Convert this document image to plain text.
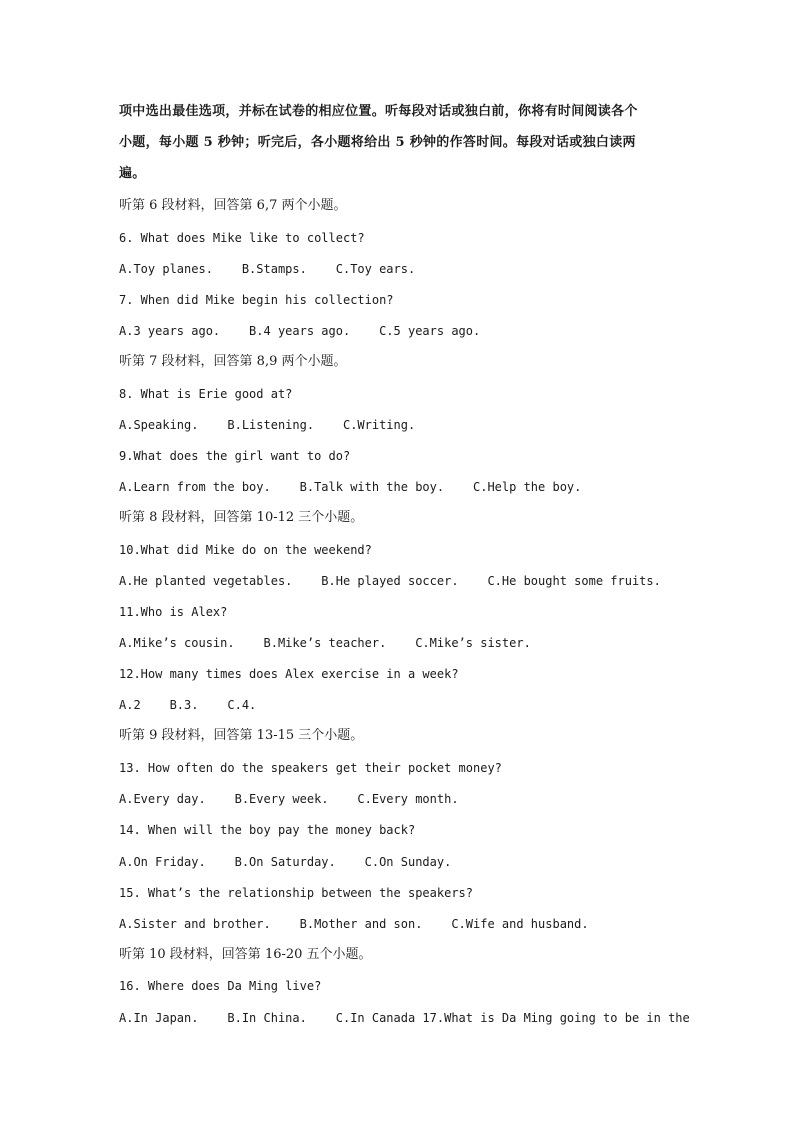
项中选出最佳选项，并标在试卷的相应位置。听每段对话或独白前，你将有时间阅读各个
小题，每小题 5 秒钟；听完后，各小题将给出 5 秒钟的作答时间。每段对话或独白读两
遍。
听第 6 段材料，回答第 6,7 两个小题。
6. What does Mike like to collect?
A.Toy planes.    B.Stamps.    C.Toy ears.
7. When did Mike begin his collection?
A.3 years ago.    B.4 years ago.    C.5 years ago.
听第 7 段材料，回答第 8,9 两个小题。
8. What is Erie good at?
A.Speaking.    B.Listening.    C.Writing.
9.What does the girl want to do?
A.Learn from the boy.    B.Talk with the boy.    C.Help the boy.
听第 8 段材料，回答第 10-12 三个小题。
10.What did Mike do on the weekend?
A.He planted vegetables.    B.He played soccer.    C.He bought some fruits.
11.Who is Alex?
A.Mike’s cousin.    B.Mike’s teacher.    C.Mike’s sister.
12.How many times does Alex exercise in a week?
A.2    B.3.    C.4.
听第 9 段材料，回答第 13-15 三个小题。
13. How often do the speakers get their pocket money?
A.Every day.    B.Every week.    C.Every month.
14. When will the boy pay the money back?
A.On Friday.    B.On Saturday.    C.On Sunday.
15. What’s the relationship between the speakers?
A.Sister and brother.    B.Mother and son.    C.Wife and husband.
听第 10 段材料，回答第 16-20 五个小题。
16. Where does Da Ming live?
A.In Japan.    B.In China.    C.In Canada 17.What is Da Ming going to be in the
